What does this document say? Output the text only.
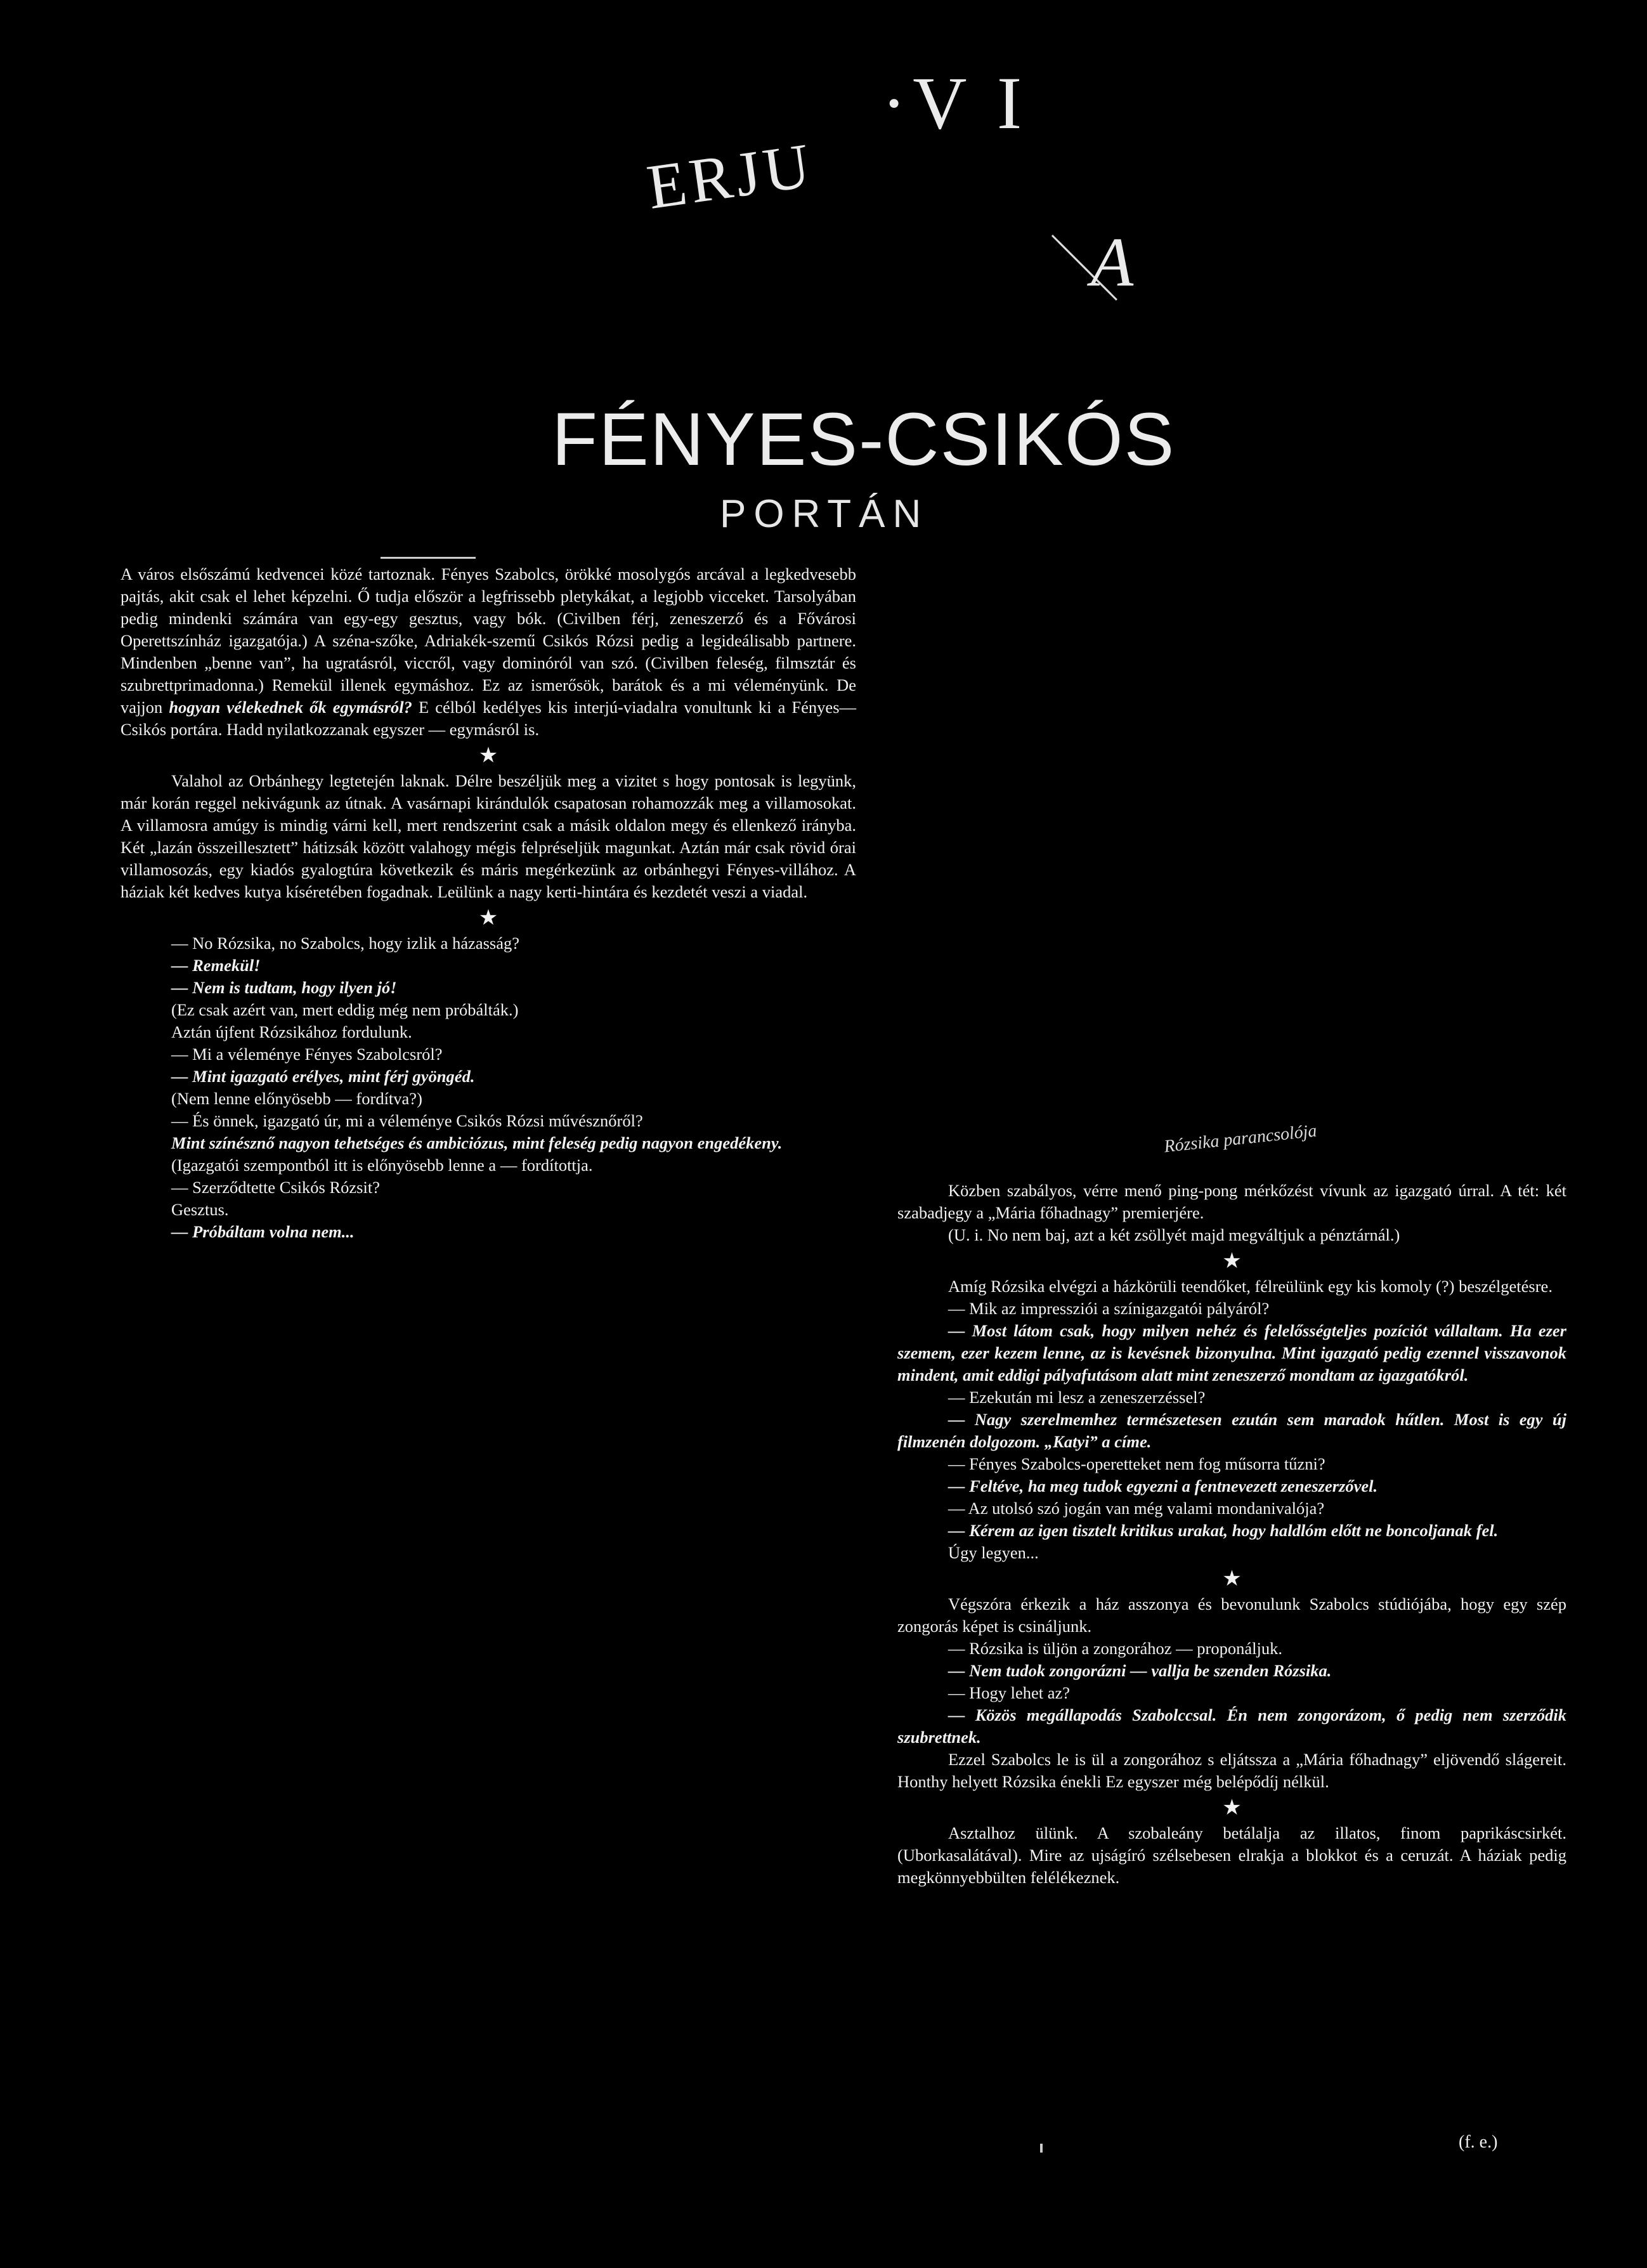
·V I
ERJU
A
FÉNYES-CSIKÓS
PORTÁN

A város elsőszámú kedvencei közé tartoznak. Fényes Szabolcs, örökké mosolygós arcával a legkedvesebb pajtás, akit csak el lehet képzelni. Ő tudja először a legfrissebb pletykákat, a legjobb vicceket. Tarsolyában pedig mindenki számára van egy-egy gesztus, vagy bók. (Civilben férj, zeneszerző és a Fővárosi Operettszínház igazgatója.) A széna-szőke, Adriakék-szemű Csikós Rózsi pedig a legideálisabb partnere. Mindenben „benne van”, ha ugratásról, viccről, vagy dominóról van szó. (Civilben feleség, filmsztár és szubrettprimadonna.) Remekül illenek egymáshoz. Ez az ismerősök, barátok és a mi véleményünk. De vajjon hogyan vélekednek ők egymásról? E célból kedélyes kis interjú-viadalra vonultunk ki a Fényes—Csikós portára. Hadd nyilatkozzanak egyszer — egymásról is.

★

Valahol az Orbánhegy legtetején laknak. Délre beszéljük meg a vizitet s hogy pontosak is legyünk, már korán reggel nekivágunk az útnak. A vasárnapi kirándulók csapatosan rohamozzák meg a villamosokat. A villamosra amúgy is mindig várni kell, mert rendszerint csak a másik oldalon megy és ellenkező irányba. Két „lazán összeillesztett” hátizsák között valahogy mégis felpréseljük magunkat. Aztán már csak rövid órai villamosozás, egy kiadós gyalogtúra következik és máris megérkezünk az orbánhegyi Fényes-villához. A háziak két kedves kutya kíséretében fogadnak. Leülünk a nagy kerti-hintára és kezdetét veszi a viadal.

★

— No Rózsika, no Szabolcs, hogy izlik a házasság?

— Remekül!

— Nem is tudtam, hogy ilyen jó!

(Ez csak azért van, mert eddig még nem próbálták.)

Aztán újfent Rózsikához fordulunk.

— Mi a véleménye Fényes Szabolcsról?

— Mint igazgató erélyes, mint férj gyöngéd.

(Nem lenne előnyösebb — fordítva?)

— És önnek, igazgató úr, mi a véleménye Csikós Rózsi művésznőről?

Mint színésznő nagyon tehetséges és ambiciózus, mint feleség pedig nagyon engedékeny.

(Igazgatói szempontból itt is előnyösebb lenne a — fordítottja.

— Szerződtette Csikós Rózsit?

Gesztus.

— Próbáltam volna nem...

Rózsika parancsolója

Közben szabályos, vérre menő ping-pong mérkőzést vívunk az igazgató úrral. A tét: két szabadjegy a „Mária főhadnagy” premierjére.

(U. i. No nem baj, azt a két zsöllyét majd megváltjuk a pénztárnál.)

★

Amíg Rózsika elvégzi a házkörüli teendőket, félreülünk egy kis komoly (?) beszélgetésre.

— Mik az impressziói a színigazgatói pályáról?

— Most látom csak, hogy milyen nehéz és felelősségteljes pozíciót vállaltam. Ha ezer szemem, ezer kezem lenne, az is kevésnek bizonyulna. Mint igazgató pedig ezennel visszavonok mindent, amit eddigi pályafutásom alatt mint zeneszerző mondtam az igazgatókról.

— Ezekután mi lesz a zeneszerzéssel?

— Nagy szerelmemhez természetesen ezután sem maradok hűtlen. Most is egy új filmzenén dolgozom. „Katyi” a címe.

— Fényes Szabolcs-operetteket nem fog műsorra tűzni?

— Feltéve, ha meg tudok egyezni a fentnevezett zeneszerzővel.

— Az utolsó szó jogán van még valami mondanivalója?

— Kérem az igen tisztelt kritikus urakat, hogy haldlóm előtt ne boncoljanak fel.

Úgy legyen...

★

Végszóra érkezik a ház asszonya és bevonulunk Szabolcs stúdiójába, hogy egy szép zongorás képet is csináljunk.

— Rózsika is üljön a zongorához — proponáljuk.

— Nem tudok zongorázni — vallja be szenden Rózsika.

— Hogy lehet az?

— Közös megállapodás Szabolccsal. Én nem zongorázom, ő pedig nem szerződik szubrettnek.

Ezzel Szabolcs le is ül a zongorához s eljátssza a „Mária főhadnagy” eljövendő slágereit. Honthy helyett Rózsika énekli Ez egyszer még belépődíj nélkül.

★

Asztalhoz ülünk. A szobaleány betálalja az illatos, finom paprikáscsirkét. (Uborkasalátával). Mire az ujságíró szélsebesen elrakja a blokkot és a ceruzát. A háziak pedig megkönnyebbülten felélékeznek.

(f. e.)
